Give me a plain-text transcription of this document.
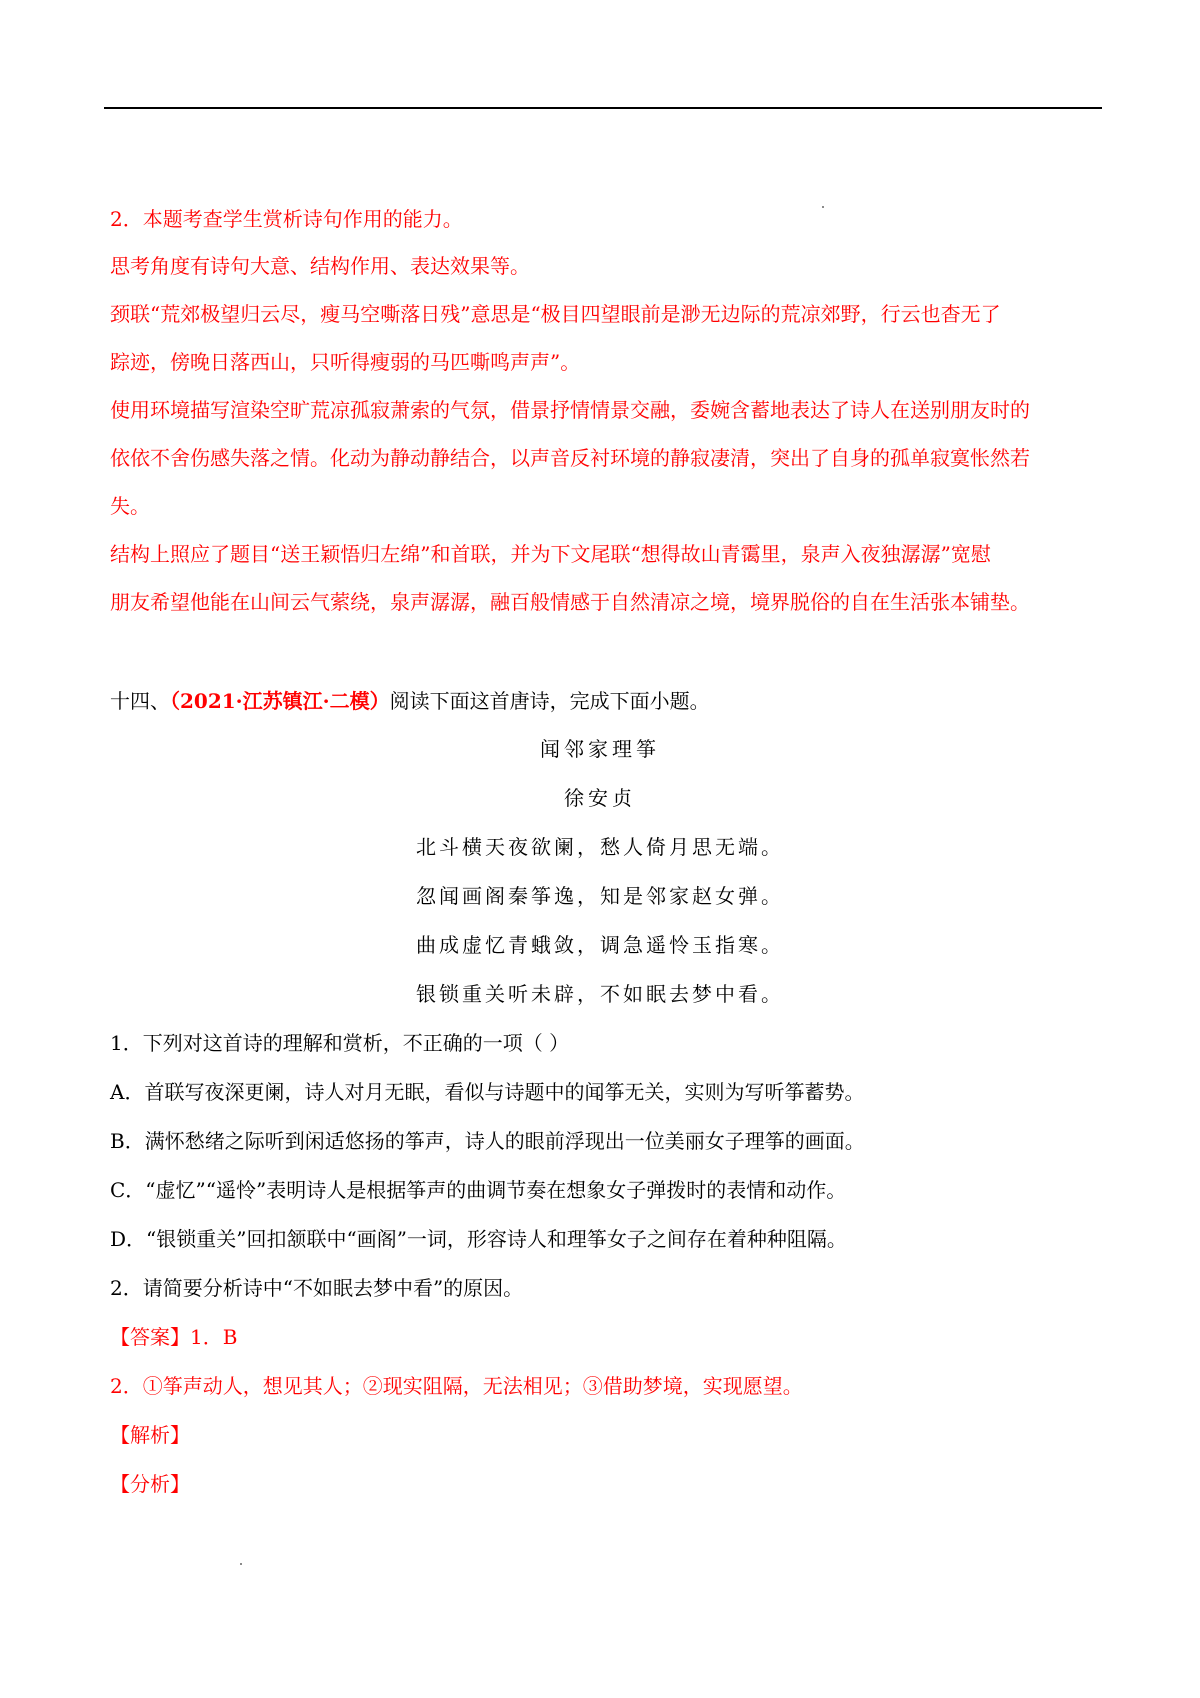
2．本题考查学生赏析诗句作用的能力。
思考角度有诗句大意、结构作用、表达效果等。
颈联“荒郊极望归云尽，瘦马空嘶落日残”意思是“极目四望眼前是渺无边际的荒凉郊野，行云也杳无了
踪迹，傍晚日落西山，只听得瘦弱的马匹嘶鸣声声”。
使用环境描写渲染空旷荒凉孤寂萧索的气氛，借景抒情情景交融，委婉含蓄地表达了诗人在送别朋友时的
依依不舍伤感失落之情。化动为静动静结合，以声音反衬环境的静寂凄清，突出了自身的孤单寂寞怅然若
失。
结构上照应了题目“送王颖悟归左绵”和首联，并为下文尾联“想得故山青霭里，泉声入夜独潺潺”宽慰
朋友希望他能在山间云气萦绕，泉声潺潺，融百般情感于自然清凉之境，境界脱俗的自在生活张本铺垫。
十四、（2021·江苏镇江·二模）阅读下面这首唐诗，完成下面小题。
闻邻家理筝
徐安贞
北斗横天夜欲阑，愁人倚月思无端。
忽闻画阁秦筝逸，知是邻家赵女弹。
曲成虚忆青蛾敛，调急遥怜玉指寒。
银锁重关听未辟，不如眠去梦中看。
1．下列对这首诗的理解和赏析，不正确的一项（ ）
A．首联写夜深更阑，诗人对月无眠，看似与诗题中的闻筝无关，实则为写听筝蓄势。
B．满怀愁绪之际听到闲适悠扬的筝声，诗人的眼前浮现出一位美丽女子理筝的画面。
C．“虚忆”“遥怜”表明诗人是根据筝声的曲调节奏在想象女子弹拨时的表情和动作。
D．“银锁重关”回扣颔联中“画阁”一词，形容诗人和理筝女子之间存在着种种阻隔。
2．请简要分析诗中“不如眠去梦中看”的原因。
【答案】1．B
2．①筝声动人，想见其人；②现实阻隔，无法相见；③借助梦境，实现愿望。
【解析】
【分析】
